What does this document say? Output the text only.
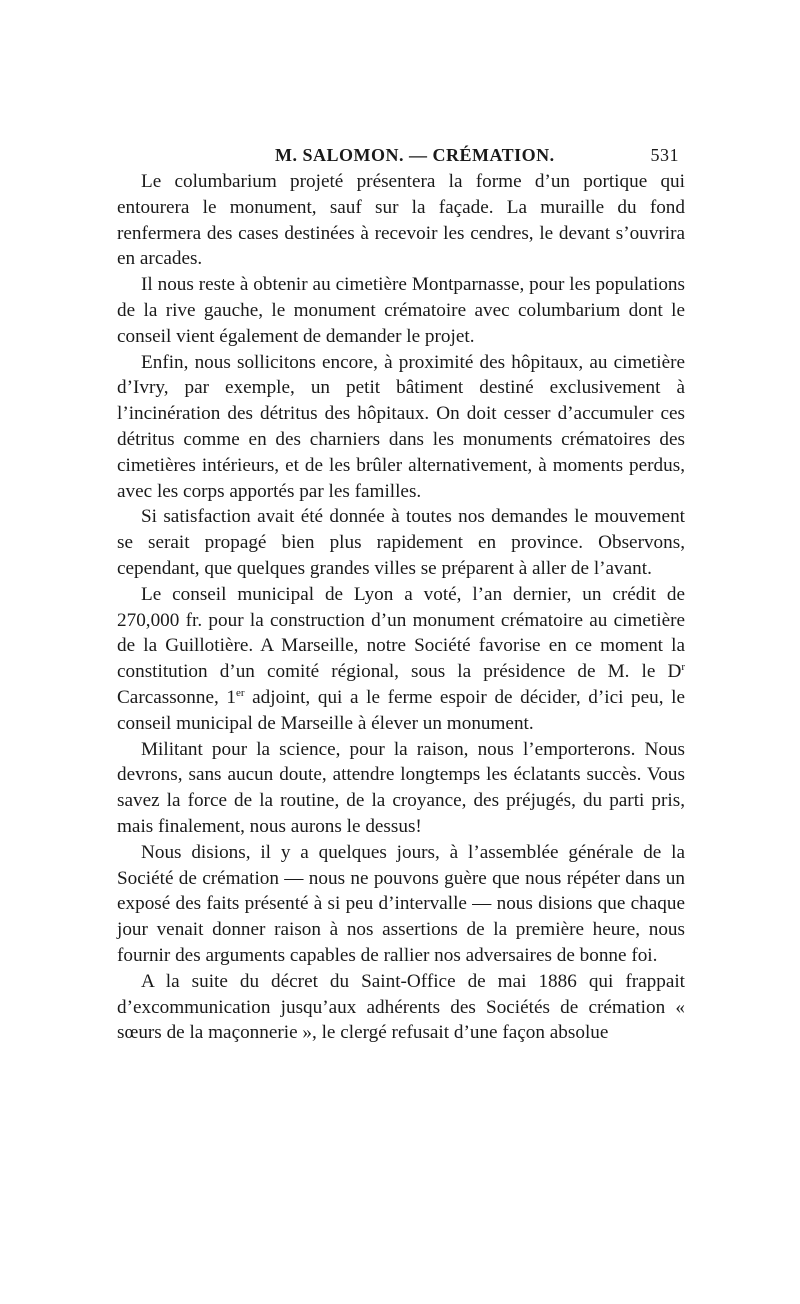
M. SALOMON. — CRÉMATION.	531

Le columbarium projeté présentera la forme d’un portique qui entourera le monument, sauf sur la façade. La muraille du fond renfermera des cases destinées à recevoir les cendres, le devant s’ouvrira en arcades.

Il nous reste à obtenir au cimetière Montparnasse, pour les populations de la rive gauche, le monument crématoire avec columbarium dont le conseil vient également de demander le projet.

Enfin, nous sollicitons encore, à proximité des hôpitaux, au cimetière d’Ivry, par exemple, un petit bâtiment destiné exclusivement à l’incinération des détritus des hôpitaux. On doit cesser d’accumuler ces détritus comme en des charniers dans les monuments crématoires des cimetières intérieurs, et de les brûler alternativement, à moments perdus, avec les corps apportés par les familles.

Si satisfaction avait été donnée à toutes nos demandes le mouvement se serait propagé bien plus rapidement en province. Observons, cependant, que quelques grandes villes se préparent à aller de l’avant.

Le conseil municipal de Lyon a voté, l’an dernier, un crédit de 270,000 fr. pour la construction d’un monument crématoire au cimetière de la Guillotière. A Marseille, notre Société favorise en ce moment la constitution d’un comité régional, sous la présidence de M. le $D^r$ Carcassonne, 1er adjoint, qui a le ferme espoir de décider, d’ici peu, le conseil municipal de Marseille à élever un monument.

Militant pour la science, pour la raison, nous l’emporterons. Nous devrons, sans aucun doute, attendre longtemps les éclatants succès. Vous savez la force de la routine, de la croyance, des préjugés, du parti pris, mais finalement, nous aurons le dessus!

Nous disions, il y a quelques jours, à l’assemblée générale de la Société de crémation — nous ne pouvons guère que nous répéter dans un exposé des faits présenté à si peu d’intervalle — nous disions que chaque jour venait donner raison à nos assertions de la première heure, nous fournir des arguments capables de rallier nos adversaires de bonne foi.

A la suite du décret du Saint-Office de mai 1886 qui frappait d’excommunication jusqu’aux adhérents des Sociétés de crémation « sœurs de la maçonnerie », le clergé refusait d’une façon absolue
